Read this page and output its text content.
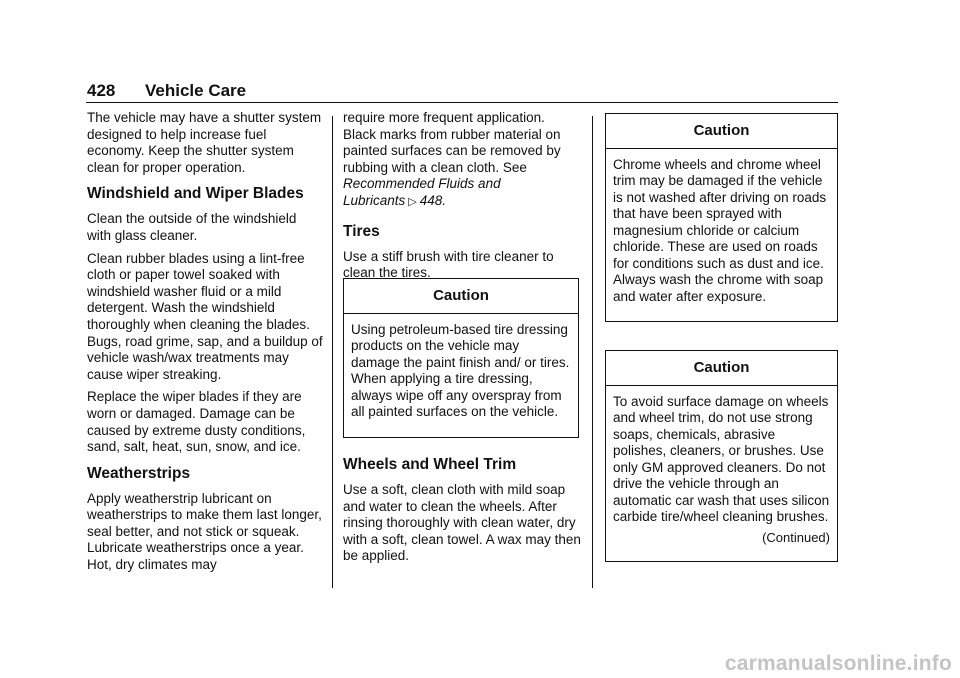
428 Vehicle Care

The vehicle may have a shutter system designed to help increase fuel economy. Keep the shutter system clean for proper operation.

Windshield and Wiper Blades

Clean the outside of the windshield with glass cleaner.

Clean rubber blades using a lint-free cloth or paper towel soaked with windshield washer fluid or a mild detergent. Wash the windshield thoroughly when cleaning the blades. Bugs, road grime, sap, and a buildup of vehicle wash/wax treatments may cause wiper streaking.

Replace the wiper blades if they are worn or damaged. Damage can be caused by extreme dusty conditions, sand, salt, heat, sun, snow, and ice.

Weatherstrips

Apply weatherstrip lubricant on weatherstrips to make them last longer, seal better, and not stick or squeak. Lubricate weatherstrips once a year. Hot, dry climates may

require more frequent application. Black marks from rubber material on painted surfaces can be removed by rubbing with a clean cloth. See Recommended Fluids and Lubricants ▷ 448.

Tires

Use a stiff brush with tire cleaner to clean the tires.

Caution
Using petroleum-based tire dressing products on the vehicle may damage the paint finish and/ or tires. When applying a tire dressing, always wipe off any overspray from all painted surfaces on the vehicle.
Wheels and Wheel Trim

Use a soft, clean cloth with mild soap and water to clean the wheels. After rinsing thoroughly with clean water, dry with a soft, clean towel. A wax may then be applied.

Caution
Chrome wheels and chrome wheel trim may be damaged if the vehicle is not washed after driving on roads that have been sprayed with magnesium chloride or calcium chloride. These are used on roads for conditions such as dust and ice. Always wash the chrome with soap and water after exposure.
Caution
To avoid surface damage on wheels and wheel trim, do not use strong soaps, chemicals, abrasive polishes, cleaners, or brushes. Use only GM approved cleaners. Do not drive the vehicle through an automatic car wash that uses silicon carbide tire/wheel cleaning brushes.
(Continued)
carmanualsonline.info
